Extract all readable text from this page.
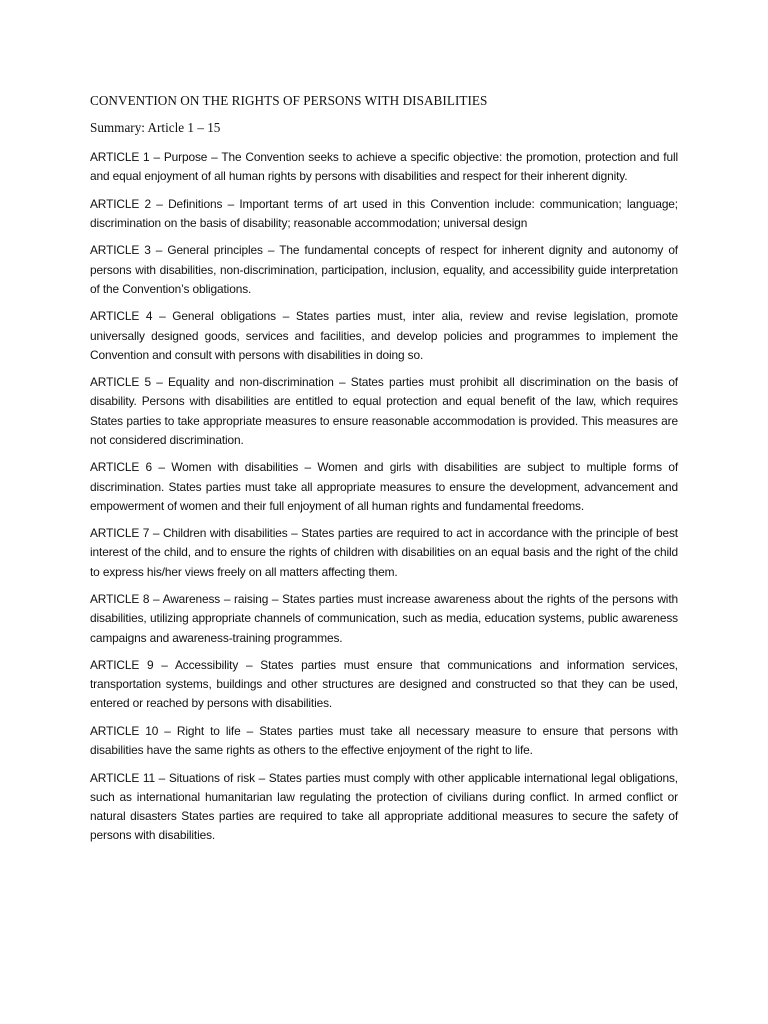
CONVENTION ON THE RIGHTS OF PERSONS WITH DISABILITIES
Summary: Article 1 – 15

ARTICLE 1 – Purpose – The Convention seeks to achieve a specific objective: the promotion, protection and full and equal enjoyment of all human rights by persons with disabilities and respect for their inherent dignity.

ARTICLE 2 – Definitions – Important terms of art used in this Convention include: communication; language; discrimination on the basis of disability; reasonable accommodation; universal design

ARTICLE 3 – General principles – The fundamental concepts of respect for inherent dignity and autonomy of persons with disabilities, non-discrimination, participation, inclusion, equality, and accessibility guide interpretation of the Convention’s obligations.

ARTICLE 4 – General obligations – States parties must, inter alia, review and revise legislation, promote universally designed goods, services and facilities, and develop policies and programmes to implement the Convention and consult with persons with disabilities in doing so.

ARTICLE 5 – Equality and non-discrimination – States parties must prohibit all discrimination on the basis of disability. Persons with disabilities are entitled to equal protection and equal benefit of the law, which requires States parties to take appropriate measures to ensure reasonable accommodation is provided. This measures are not considered discrimination.

ARTICLE 6 – Women with disabilities – Women and girls with disabilities are subject to multiple forms of discrimination. States parties must take all appropriate measures to ensure the development, advancement and empowerment of women and their full enjoyment of all human rights and fundamental freedoms.

ARTICLE 7 – Children with disabilities – States parties are required to act in accordance with the principle of best interest of the child, and to ensure the rights of children with disabilities on an equal basis and the right of the child to express his/her views freely on all matters affecting them.

ARTICLE 8 – Awareness – raising – States parties must increase awareness about the rights of the persons with disabilities, utilizing appropriate channels of communication, such as media, education systems, public awareness campaigns and awareness-training programmes.

ARTICLE 9 – Accessibility – States parties must ensure that communications and information services, transportation systems, buildings and other structures are designed and constructed so that they can be used, entered or reached by persons with disabilities.

ARTICLE 10 – Right to life – States parties must take all necessary measure to ensure that persons with disabilities have the same rights as others to the effective enjoyment of the right to life.

ARTICLE 11 – Situations of risk – States parties must comply with other applicable international legal obligations, such as international humanitarian law regulating the protection of civilians during conflict. In armed conflict or natural disasters States parties are required to take all appropriate additional measures to secure the safety of persons with disabilities.
